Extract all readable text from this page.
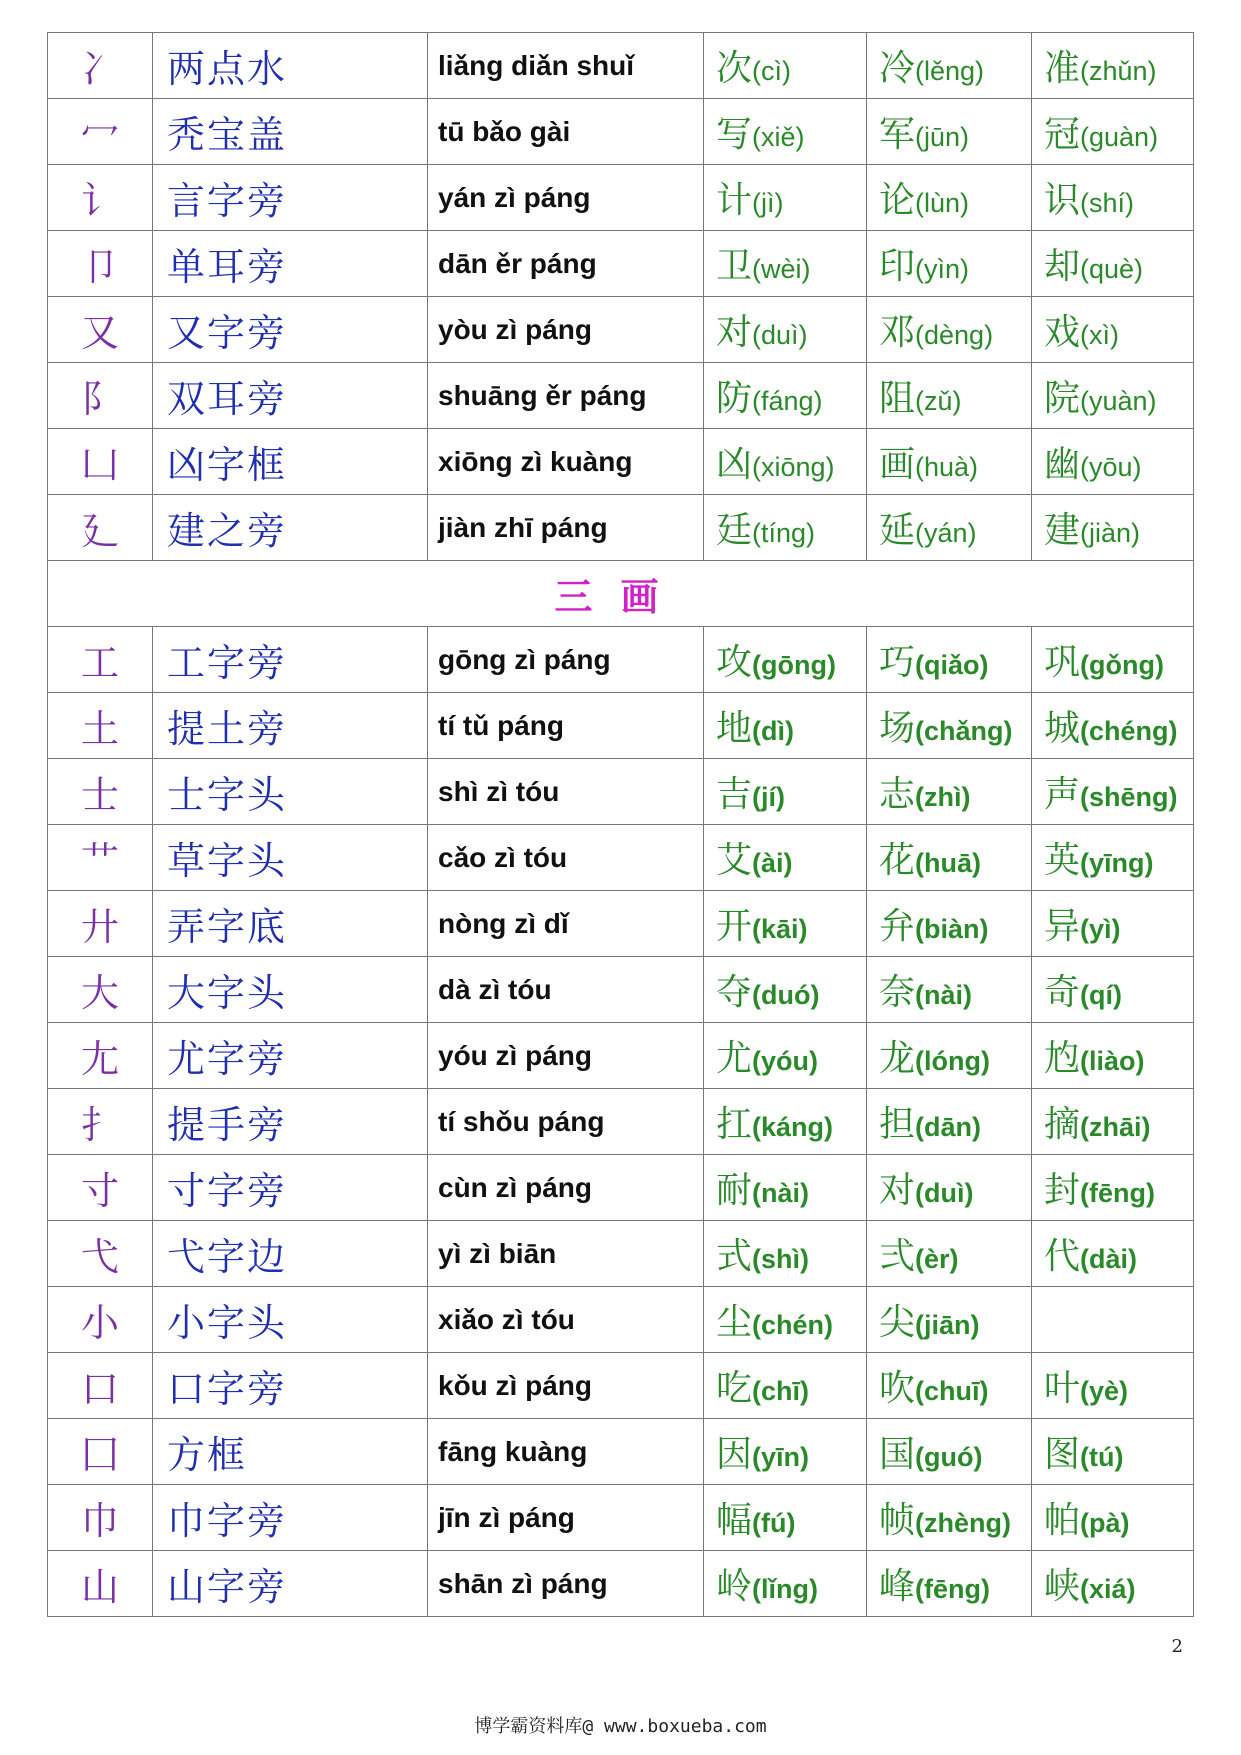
冫	两点水	liǎng diǎn shuǐ	次(cì)	冷(lěng)	准(zhǔn)
冖	秃宝盖	tū bǎo gài	写(xiě)	军(jūn)	冠(guàn)
讠	言字旁	yán zì páng	计(jì)	论(lùn)	识(shí)
卩	单耳旁	dān ěr páng	卫(wèi)	印(yìn)	却(què)
又	又字旁	yòu zì páng	对(duì)	邓(dèng)	戏(xì)
阝	双耳旁	shuāng ěr páng	防(fáng)	阻(zǔ)	院(yuàn)
凵	凶字框	xiōng zì kuàng	凶(xiōng)	画(huà)	幽(yōu)
廴	建之旁	jiàn zhī páng	廷(tíng)	延(yán)	建(jiàn)
三画					
工	工字旁	gōng zì páng	攻(gōng)	巧(qiǎo)	巩(gǒng)
土	提土旁	tí tǔ páng	地(dì)	场(chǎng)	城(chéng)
士	士字头	shì zì tóu	吉(jí)	志(zhì)	声(shēng)
艹	草字头	cǎo zì tóu	艾(ài)	花(huā)	英(yīng)
廾	弄字底	nòng zì dǐ	开(kāi)	弁(biàn)	异(yì)
大	大字头	dà zì tóu	夺(duó)	奈(nài)	奇(qí)
尢	尤字旁	yóu zì páng	尤(yóu)	龙(lóng)	尥(liào)
扌	提手旁	tí shǒu páng	扛(káng)	担(dān)	摘(zhāi)
寸	寸字旁	cùn zì páng	耐(nài)	对(duì)	封(fēng)
弋	弋字边	yì zì biān	式(shì)	弍(èr)	代(dài)
小	小字头	xiǎo zì tóu	尘(chén)	尖(jiān)	
口	口字旁	kǒu zì páng	吃(chī)	吹(chuī)	叶(yè)
囗	方框	fāng kuàng	因(yīn)	国(guó)	图(tú)
巾	巾字旁	jīn zì páng	幅(fú)	帧(zhèng)	帕(pà)
山	山字旁	shān zì páng	岭(lǐng)	峰(fēng)	峡(xiá)
2
博学霸资料库@ www.boxueba.com
